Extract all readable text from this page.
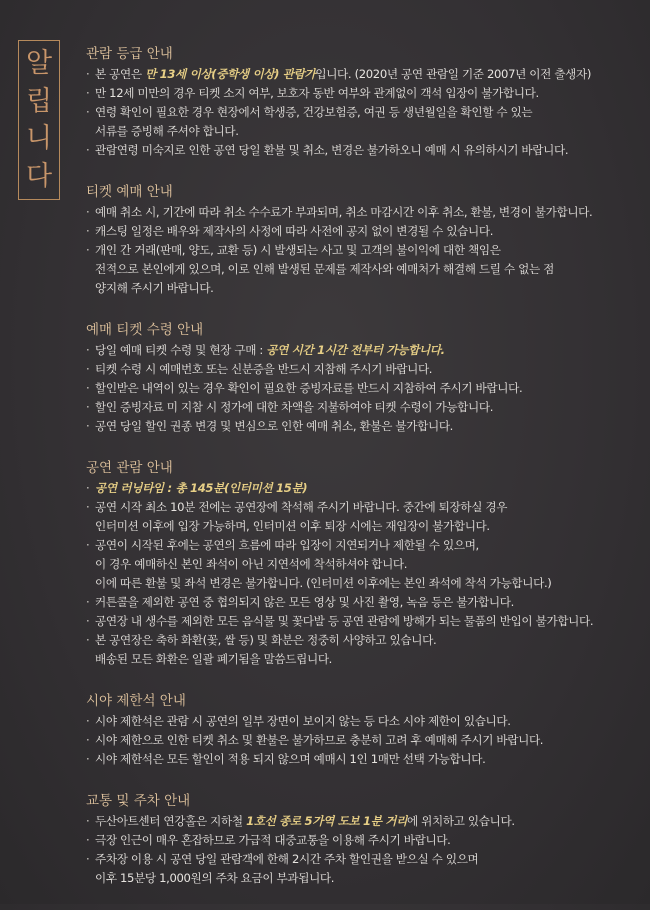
알
립
니
다
관람 등급 안내
· 본 공연은 만 13세 이상(중학생 이상) 관람가입니다. (2020년 공연 관람일 기준 2007년 이전 출생자)
· 만 12세 미만의 경우 티켓 소지 여부, 보호자 동반 여부와 관계없이 객석 입장이 불가합니다.
· 연령 확인이 필요한 경우 현장에서 학생증, 건강보험증, 여권 등 생년월일을 확인할 수 있는
서류를 증빙해 주셔야 합니다.
· 관람연령 미숙지로 인한 공연 당일 환불 및 취소, 변경은 불가하오니 예매 시 유의하시기 바랍니다.
티켓 예매 안내
· 예매 취소 시, 기간에 따라 취소 수수료가 부과되며, 취소 마감시간 이후 취소, 환불, 변경이 불가합니다.
· 캐스팅 일정은 배우와 제작사의 사정에 따라 사전에 공지 없이 변경될 수 있습니다.
· 개인 간 거래(판매, 양도, 교환 등) 시 발생되는 사고 및 고객의 불이익에 대한 책임은
전적으로 본인에게 있으며, 이로 인해 발생된 문제를 제작사와 예매처가 해결해 드릴 수 없는 점
양지해 주시기 바랍니다.
예매 티켓 수령 안내
· 당일 예매 티켓 수령 및 현장 구매 : 공연 시간 1시간 전부터 가능합니다.
· 티켓 수령 시 예매번호 또는 신분증을 반드시 지참해 주시기 바랍니다.
· 할인받은 내역이 있는 경우 확인이 필요한 증빙자료를 반드시 지참하여 주시기 바랍니다.
· 할인 증빙자료 미 지참 시 정가에 대한 차액을 지불하여야 티켓 수령이 가능합니다.
· 공연 당일 할인 권종 변경 및 변심으로 인한 예매 취소, 환불은 불가합니다.
공연 관람 안내
· 공연 러닝타임 : 총 145분(인터미션 15분)
· 공연 시작 최소 10분 전에는 공연장에 착석해 주시기 바랍니다. 중간에 퇴장하실 경우
인터미션 이후에 입장 가능하며, 인터미션 이후 퇴장 시에는 재입장이 불가합니다.
· 공연이 시작된 후에는 공연의 흐름에 따라 입장이 지연되거나 제한될 수 있으며,
이 경우 예매하신 본인 좌석이 아닌 지연석에 착석하셔야 합니다.
이에 따른 환불 및 좌석 변경은 불가합니다. (인터미션 이후에는 본인 좌석에 착석 가능합니다.)
· 커튼콜을 제외한 공연 중 협의되지 않은 모든 영상 및 사진 촬영, 녹음 등은 불가합니다.
· 공연장 내 생수를 제외한 모든 음식물 및 꽃다발 등 공연 관람에 방해가 되는 물품의 반입이 불가합니다.
· 본 공연장은 축하 화환(꽃, 쌀 등) 및 화분은 정중히 사양하고 있습니다.
배송된 모든 화환은 일괄 폐기됨을 말씀드립니다.
시야 제한석 안내
· 시야 제한석은 관람 시 공연의 일부 장면이 보이지 않는 등 다소 시야 제한이 있습니다.
· 시야 제한으로 인한 티켓 취소 및 환불은 불가하므로 충분히 고려 후 예매해 주시기 바랍니다.
· 시야 제한석은 모든 할인이 적용 되지 않으며 예매시 1인 1매만 선택 가능합니다.
교통 및 주차 안내
· 두산아트센터 연강홀은 지하철 1호선 종로 5가역 도보 1분 거리에 위치하고 있습니다.
· 극장 인근이 매우 혼잡하므로 가급적 대중교통을 이용해 주시기 바랍니다.
· 주차장 이용 시 공연 당일 관람객에 한해 2시간 주차 할인권을 받으실 수 있으며
이후 15분당 1,000원의 주차 요금이 부과됩니다.
